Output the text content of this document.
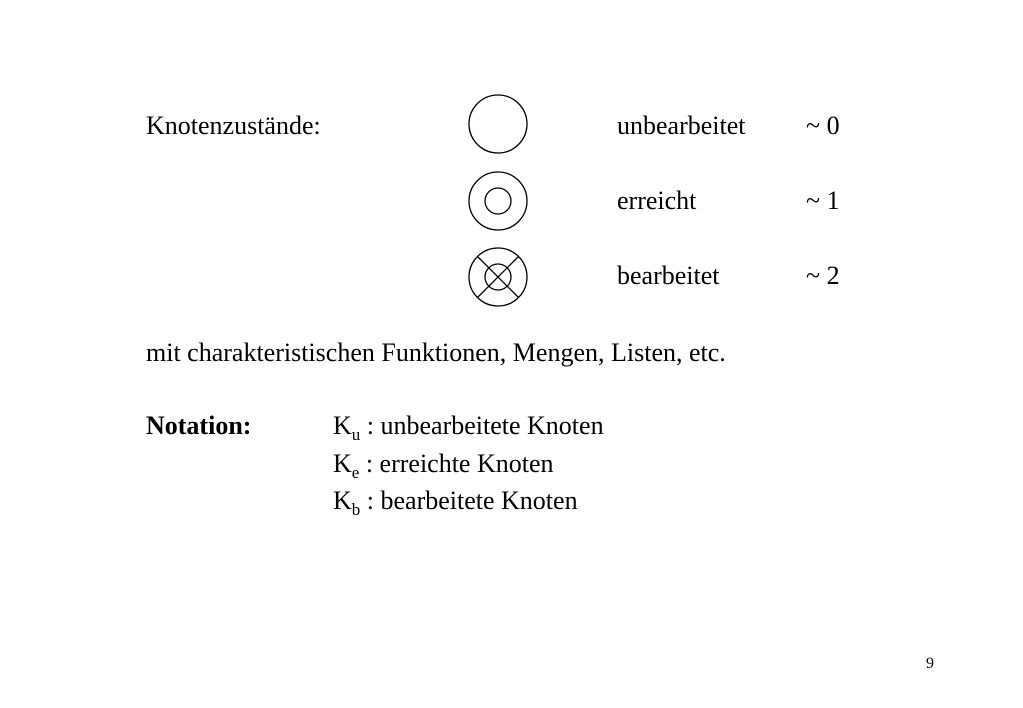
Knotenzustände:	unbearbeitet ~ 0
erreicht	~ 1
bearbeitet	~ 2
mit charakteristischen Funktionen, Mengen, Listen, etc.
Notation:	$K_u$ : unbearbeitete Knoten
$K_e$ : erreichte Knoten
$K_b$ : bearbeitete Knoten
9
